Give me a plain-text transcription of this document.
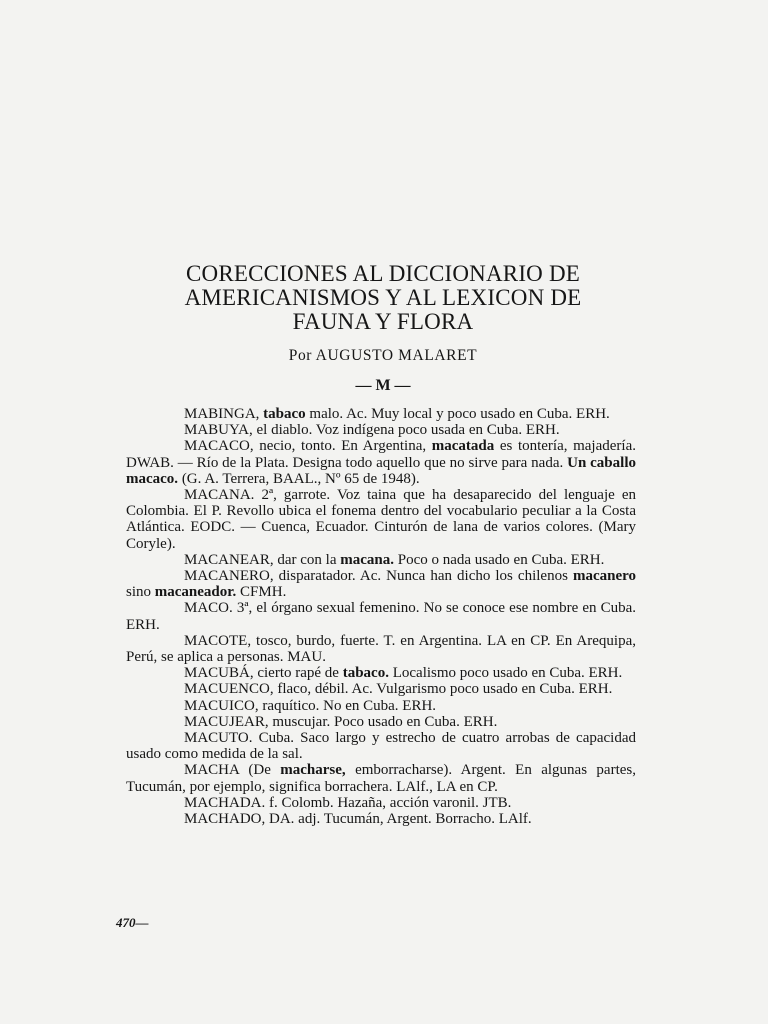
CORECCIONES AL DICCIONARIO DE
AMERICANISMOS Y AL LEXICON DE
FAUNA Y FLORA
Por AUGUSTO MALARET
— M —

MABINGA, tabaco malo. Ac. Muy local y poco usado en Cuba. ERH.

MABUYA, el diablo. Voz indígena poco usada en Cuba. ERH.

MACACO, necio, tonto. En Argentina, macatada es tontería, majadería. DWAB. — Río de la Plata. Designa todo aquello que no sirve para nada. Un caballo macaco. (G. A. Terrera, BAAL., Nº 65 de 1948).

MACANA. 2ª, garrote. Voz taina que ha desaparecido del lenguaje en Colombia. El P. Revollo ubica el fonema dentro del vocabulario peculiar a la Costa Atlántica. EODC. — Cuenca, Ecuador. Cinturón de lana de varios colores. (Mary Coryle).

MACANEAR, dar con la macana. Poco o nada usado en Cuba. ERH.

MACANERO, disparatador. Ac. Nunca han dicho los chilenos macanero sino macaneador. CFMH.

MACO. 3ª, el órgano sexual femenino. No se conoce ese nombre en Cuba. ERH.

MACOTE, tosco, burdo, fuerte. T. en Argentina. LA en CP. En Arequipa, Perú, se aplica a personas. MAU.

MACUBÁ, cierto rapé de tabaco. Localismo poco usado en Cuba. ERH.

MACUENCO, flaco, débil. Ac. Vulgarismo poco usado en Cuba. ERH.

MACUICO, raquítico. No en Cuba. ERH.

MACUJEAR, muscujar. Poco usado en Cuba. ERH.

MACUTO. Cuba. Saco largo y estrecho de cuatro arrobas de capacidad usado como medida de la sal.

MACHA (De macharse, emborracharse). Argent. En algunas partes, Tucumán, por ejemplo, significa borrachera. LAlf., LA en CP.

MACHADA. f. Colomb. Hazaña, acción varonil. JTB.

MACHADO, DA. adj. Tucumán, Argent. Borracho. LAlf.

470—
